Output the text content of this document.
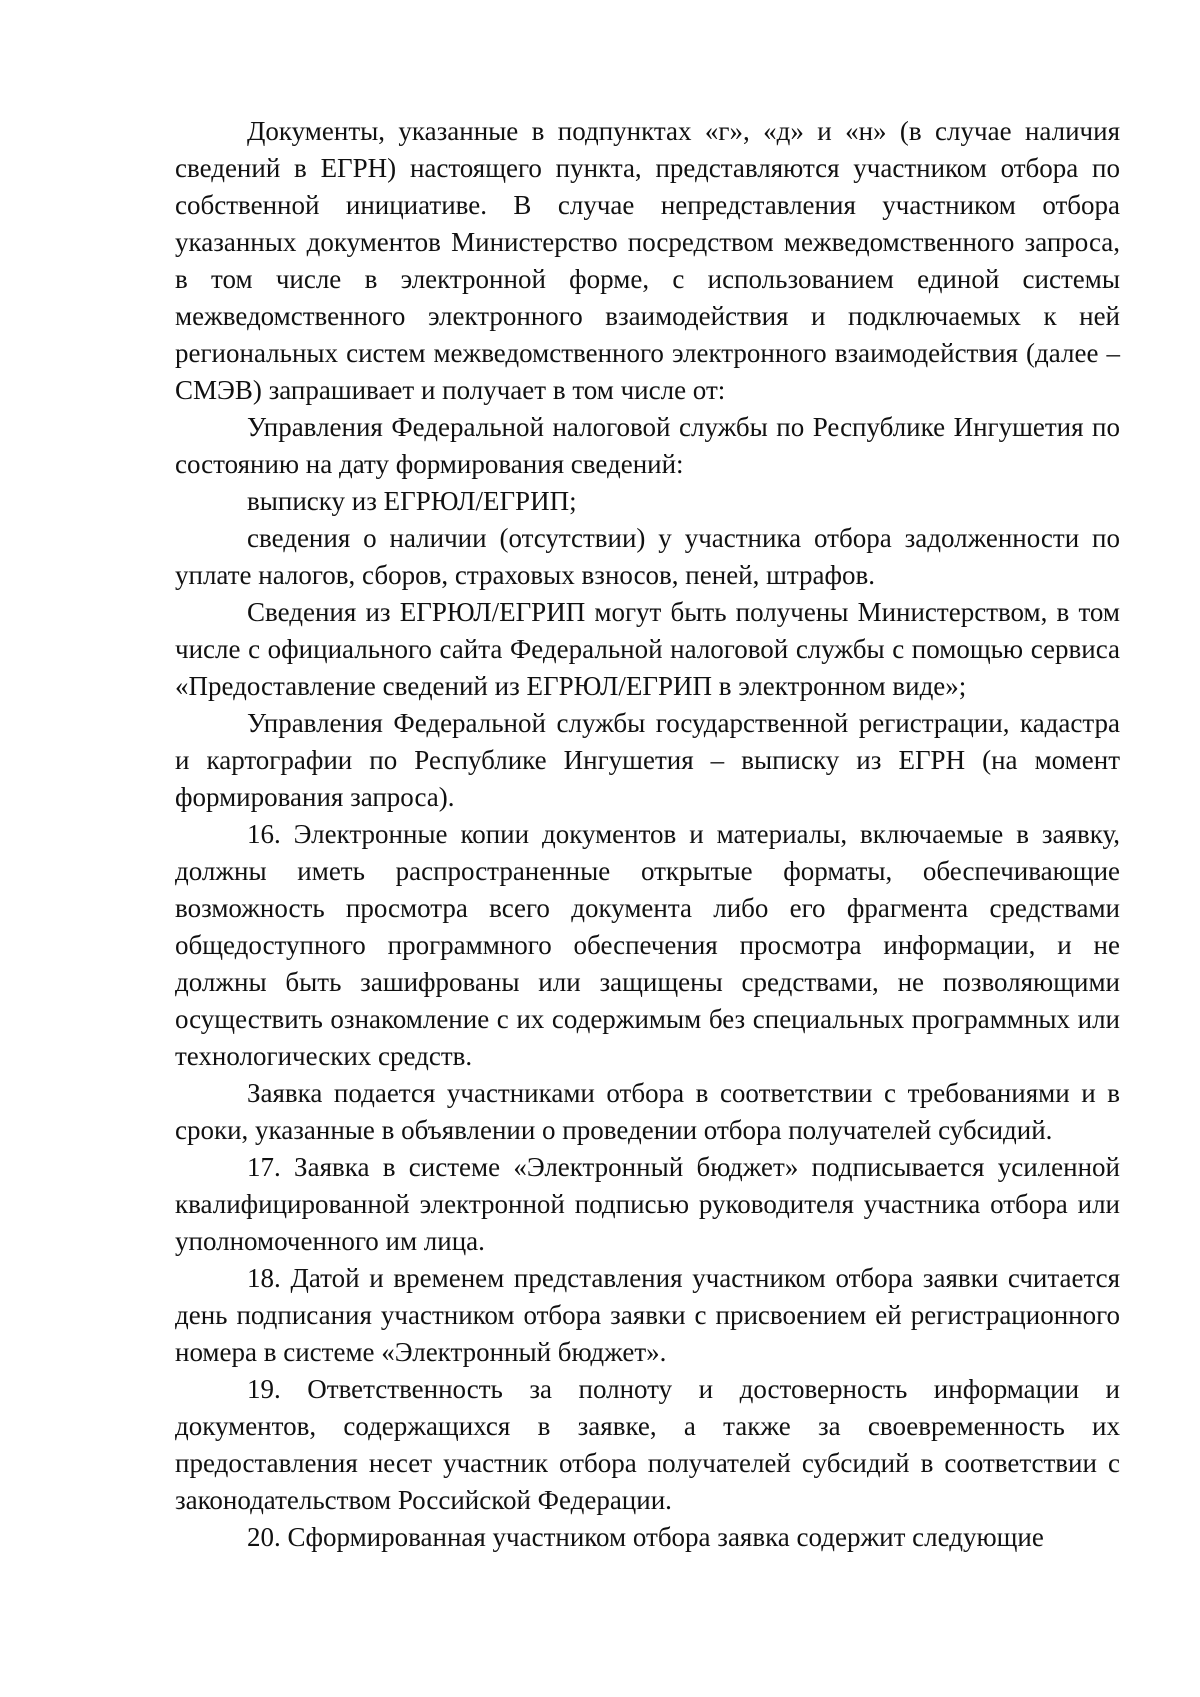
Документы, указанные в подпунктах «г», «д» и «н» (в случае наличия сведений в ЕГРН) настоящего пункта, представляются участником отбора по собственной инициативе. В случае непредставления участником отбора указанных документов Министерство посредством межведомственного запроса, в том числе в электронной форме, с использованием единой системы межведомственного электронного взаимодействия и подключаемых к ней региональных систем межведомственного электронного взаимодействия (далее – СМЭВ) запрашивает и получает в том числе от:

Управления Федеральной налоговой службы по Республике Ингушетия по состоянию на дату формирования сведений:

выписку из ЕГРЮЛ/ЕГРИП;

сведения о наличии (отсутствии) у участника отбора задолженности по уплате налогов, сборов, страховых взносов, пеней, штрафов.

Сведения из ЕГРЮЛ/ЕГРИП могут быть получены Министерством, в том числе с официального сайта Федеральной налоговой службы с помощью сервиса «Предоставление сведений из ЕГРЮЛ/ЕГРИП в электронном виде»;

Управления Федеральной службы государственной регистрации, кадастра и картографии по Республике Ингушетия – выписку из ЕГРН (на момент формирования запроса).

16. Электронные копии документов и материалы, включаемые в заявку, должны иметь распространенные открытые форматы, обеспечивающие возможность просмотра всего документа либо его фрагмента средствами общедоступного программного обеспечения просмотра информации, и не должны быть зашифрованы или защищены средствами, не позволяющими осуществить ознакомление с их содержимым без специальных программных или технологических средств.

Заявка подается участниками отбора в соответствии с требованиями и в сроки, указанные в объявлении о проведении отбора получателей субсидий.

17. Заявка в системе «Электронный бюджет» подписывается усиленной квалифицированной электронной подписью руководителя участника отбора или уполномоченного им лица.

18. Датой и временем представления участником отбора заявки считается день подписания участником отбора заявки с присвоением ей регистрационного номера в системе «Электронный бюджет».

19. Ответственность за полноту и достоверность информации и документов, содержащихся в заявке, а также за своевременность их предоставления несет участник отбора получателей субсидий в соответствии с законодательством Российской Федерации.

20. Сформированная участником отбора заявка содержит следующие
